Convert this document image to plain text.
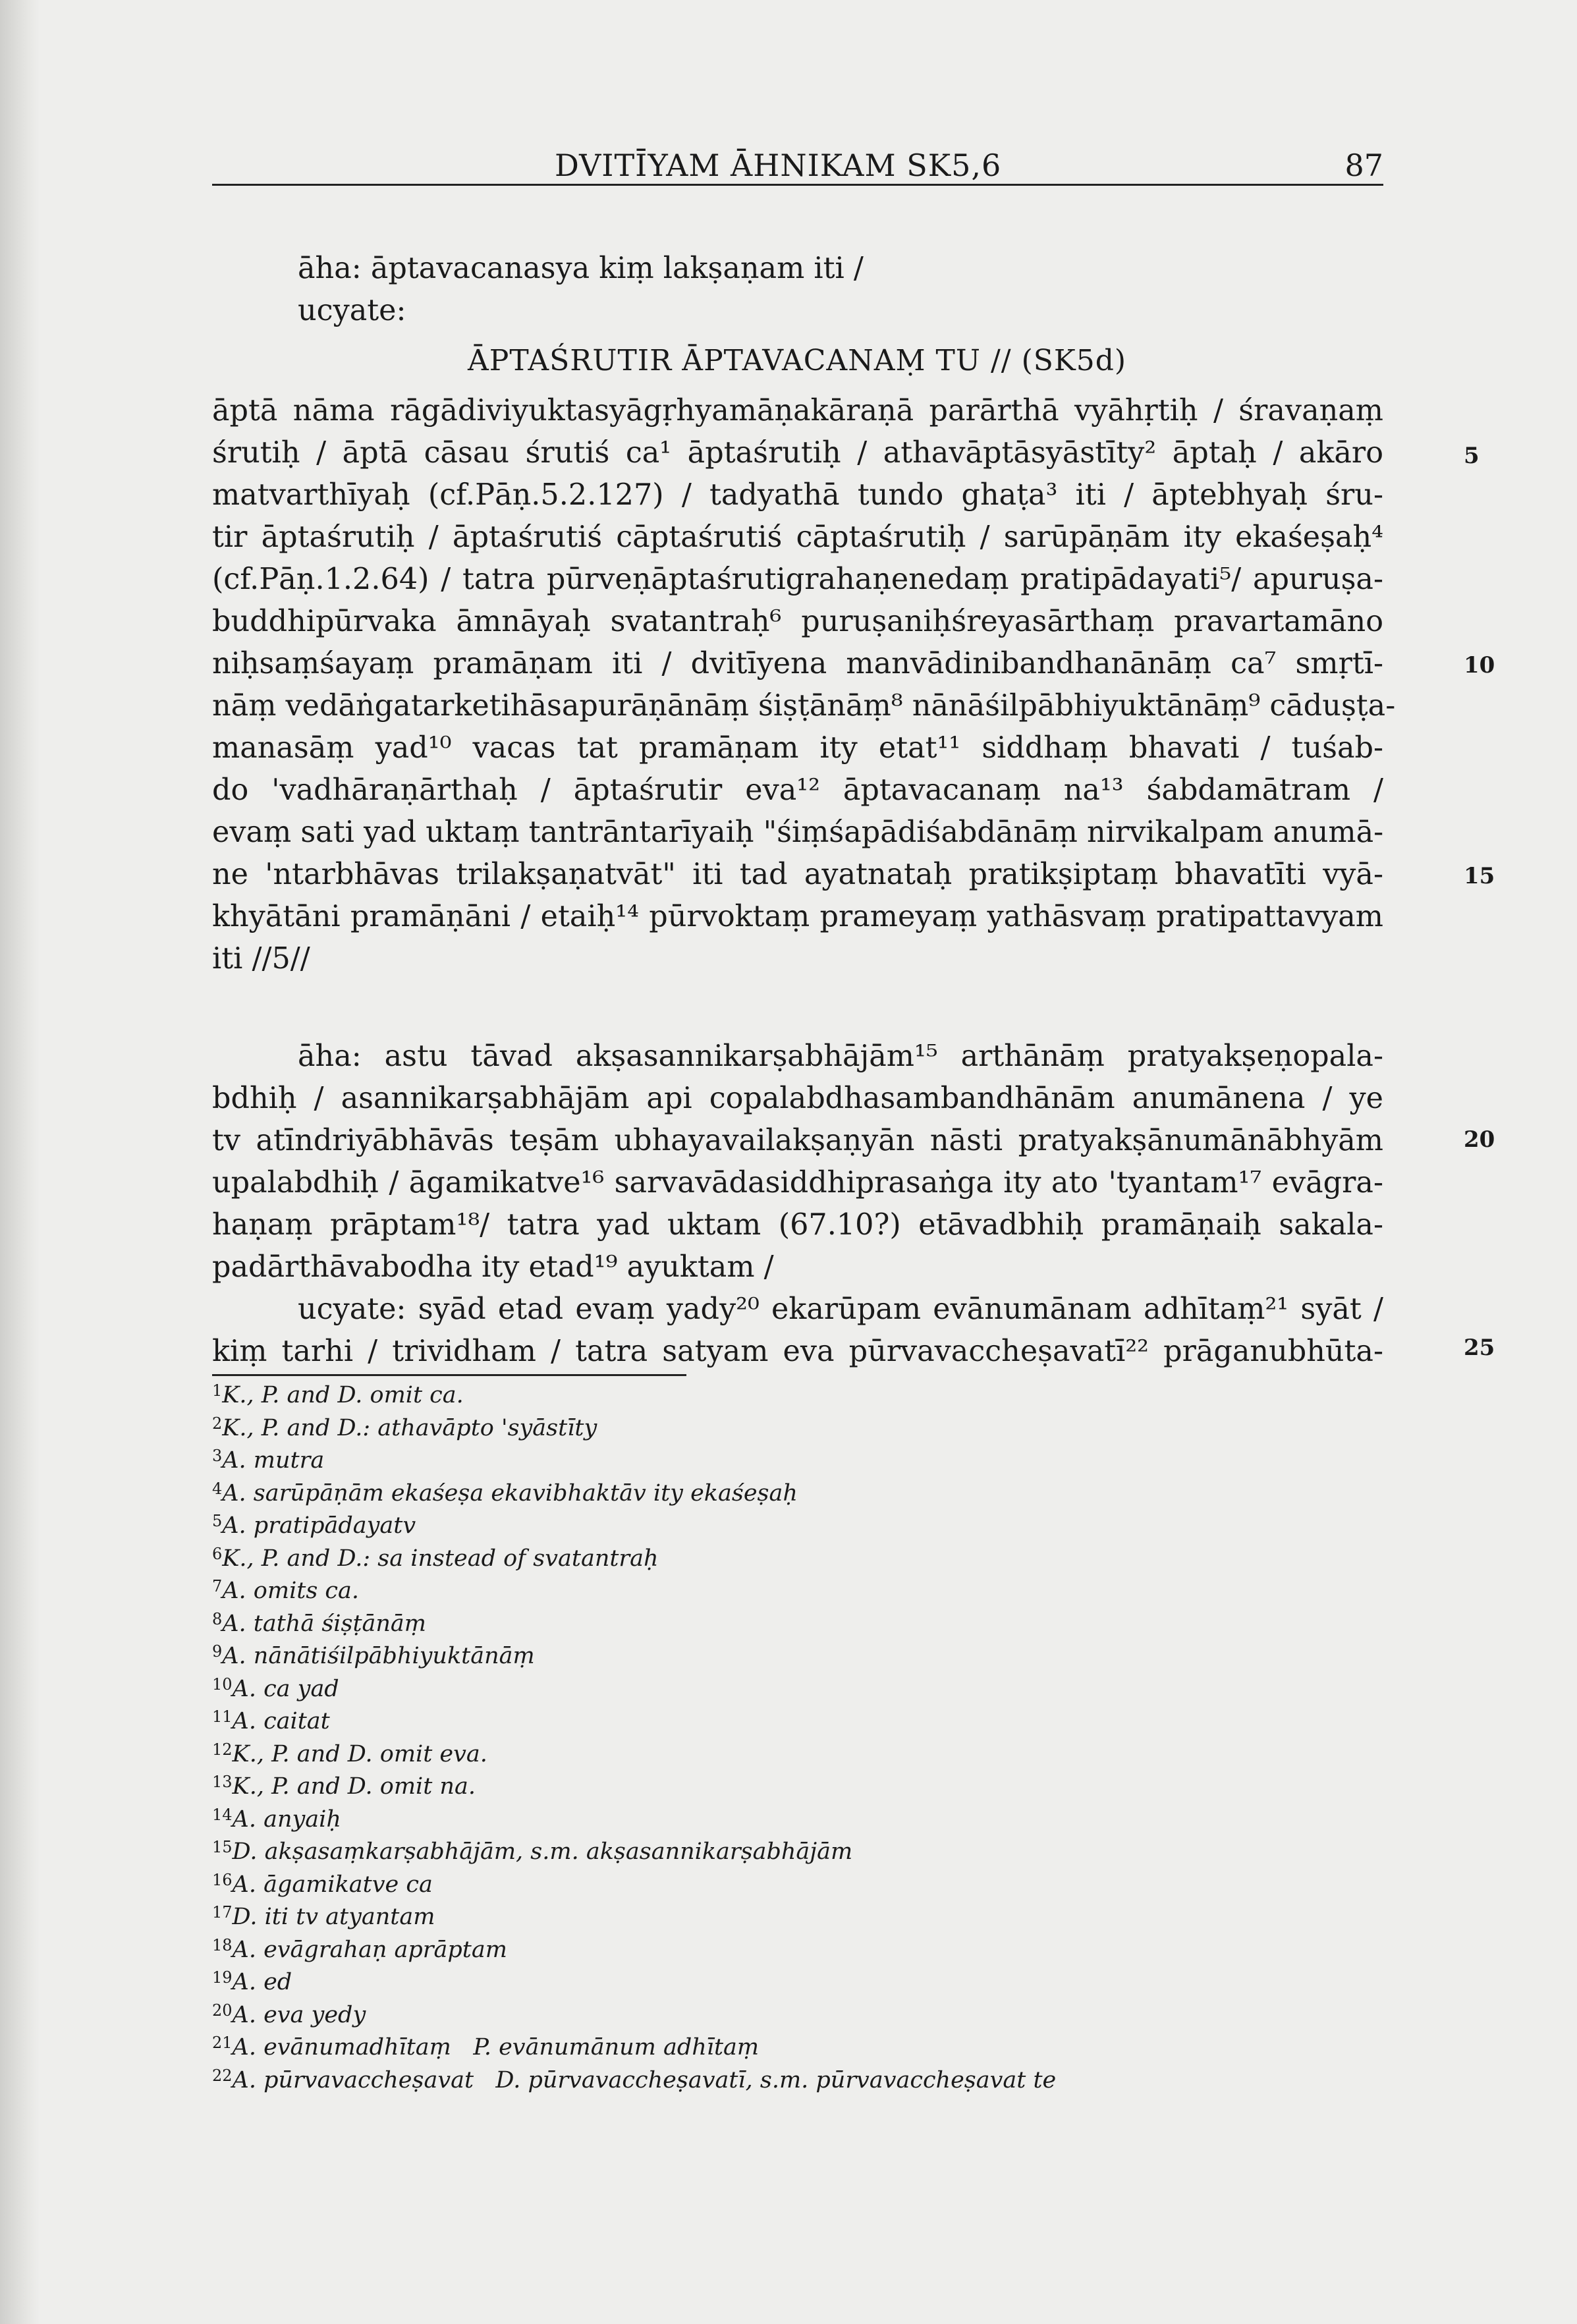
DVITĪYAM ĀHNIKAM SK5,6	87
āha: āptavacanasya kiṃ lakṣaṇam iti /
ucyate:
ĀPTAŚRUTIR ĀPTAVACANAṂ TU // (SK5d)
āptā nāma rāgādiviyuktasyāgṛhyamāṇakāraṇā parārthā vyāhṛtiḥ / śravaṇaṃ
śrutiḥ / āptā cāsau śrutiś ca¹ āptaśrutiḥ / athavāptāsyāstīty² āptaḥ / akāro
matvarthīyaḥ (cf.Pāṇ.5.2.127) / tadyathā tundo ghaṭa³ iti / āptebhyaḥ śru-
tir āptaśrutiḥ / āptaśrutiś cāptaśrutiś cāptaśrutiḥ / sarūpāṇām ity ekaśeṣaḥ⁴
(cf.Pāṇ.1.2.64) / tatra pūrveṇāptaśrutigrahaṇenedaṃ pratipādayati⁵/ apuruṣa-
buddhipūrvaka āmnāyaḥ svatantraḥ⁶ puruṣaniḥśreyasārthaṃ pravartamāno
niḥsaṃśayaṃ pramāṇam iti / dvitīyena manvādinibandhanānāṃ ca⁷ smṛtī-
nāṃ vedāṅgatarketihāsapurāṇānāṃ śiṣṭānāṃ⁸ nānāśilpābhiyuktānāṃ⁹ cāduṣṭa-
manasāṃ yad¹⁰ vacas tat pramāṇam ity etat¹¹ siddhaṃ bhavati / tuśab-
do 'vadhāraṇārthaḥ / āptaśrutir eva¹² āptavacanaṃ na¹³ śabdamātram /
evaṃ sati yad uktaṃ tantrāntarīyaiḥ "śiṃśapādiśabdānāṃ nirvikalpam anumā-
ne 'ntarbhāvas trilakṣaṇatvāt" iti tad ayatnataḥ pratikṣiptaṃ bhavatīti vyā-
khyātāni pramāṇāni / etaiḥ¹⁴ pūrvoktaṃ prameyaṃ yathāsvaṃ pratipattavyam
iti //5//
āha: astu tāvad akṣasannikarṣabhājām¹⁵ arthānāṃ pratyakṣeṇopala-
bdhiḥ / asannikarṣabhājām api copalabdhasambandhānām anumānena / ye
tv atīndriyābhāvās teṣām ubhayavailakṣaṇyān nāsti pratyakṣānumānābhyām
upalabdhiḥ / āgamikatve¹⁶ sarvavādasiddhiprasaṅga ity ato 'tyantam¹⁷ evāgra-
haṇaṃ prāptam¹⁸/ tatra yad uktam (67.10?) etāvadbhiḥ pramāṇaiḥ sakala-
padārthāvabodha ity etad¹⁹ ayuktam /
ucyate: syād etad evaṃ yady²⁰ ekarūpam evānumānam adhītaṃ²¹ syāt /
kiṃ tarhi / trividham / tatra satyam eva pūrvavaccheṣavatī²² prāganubhūta-
5
10
15
20
25
$^1$K., P. and D. omit ca.
$^2$K., P. and D.: athavāpto 'syāstīty
$^3$A. mutra
$^4$A. sarūpāṇām ekaśeṣa ekavibhaktāv ity ekaśeṣaḥ
$^5$A. pratipādayatv
$^6$K., P. and D.: sa instead of svatantraḥ
$^7$A. omits ca.
$^8$A. tathā śiṣṭānāṃ
$^9$A. nānātiśilpābhiyuktānāṃ
$^{10}$A. ca yad
$^{11}$A. caitat
$^{12}$K., P. and D. omit eva.
$^{13}$K., P. and D. omit na.
$^{14}$A. anyaiḥ
$^{15}$D. akṣasaṃkarṣabhājām, s.m. akṣasannikarṣabhājām
$^{16}$A. āgamikatve ca
$^{17}$D. iti tv atyantam
$^{18}$A. evāgrahaṇ aprāptam
$^{19}$A. ed
$^{20}$A. eva yedy
$^{21}$A. evānumadhītaṃ   P. evānumānum adhītaṃ
$^{22}$A. pūrvavaccheṣavat   D. pūrvavaccheṣavatī, s.m. pūrvavaccheṣavat te
